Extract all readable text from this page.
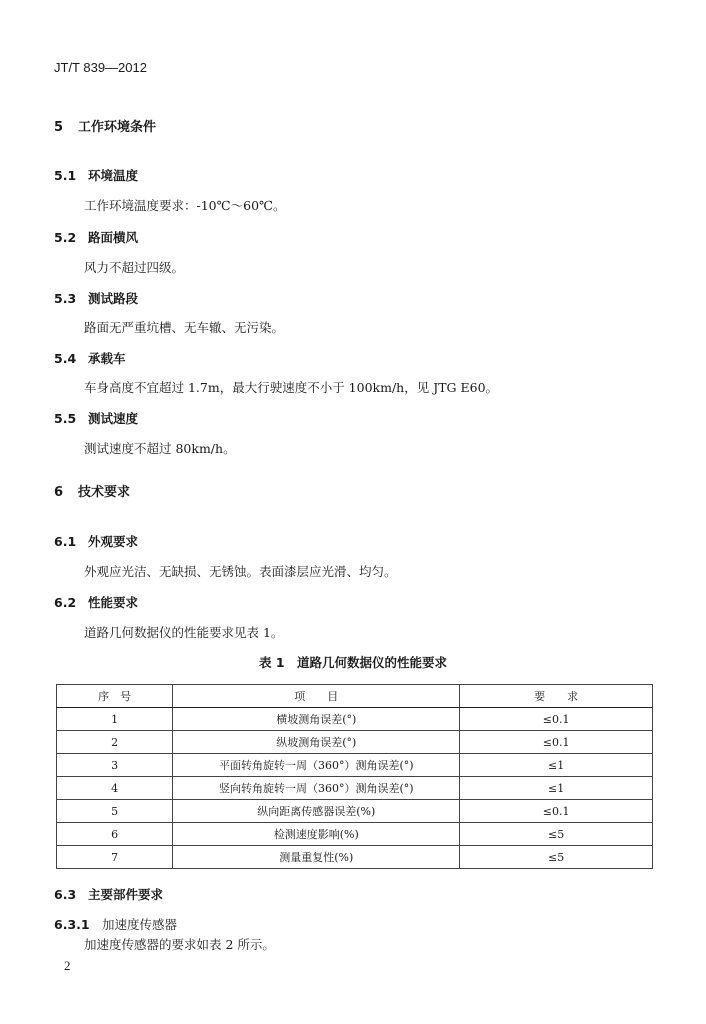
JT/T 839—2012
5 工作环境条件
5.1 环境温度
工作环境温度要求：-10℃～60℃。
5.2 路面横风
风力不超过四级。
5.3 测试路段
路面无严重坑槽、无车辙、无污染。
5.4 承载车
车身高度不宜超过 1.7m，最大行驶速度不小于 100km/h，见 JTG E60。
5.5 测试速度
测试速度不超过 80km/h。
6 技术要求
6.1 外观要求
外观应光洁、无缺损、无锈蚀。表面漆层应光滑、均匀。
6.2 性能要求
道路几何数据仪的性能要求见表 1。
表 1　道路几何数据仪的性能要求
序　号	项　　目	要　　求
1	横坡测角误差(°)	≤0.1
2	纵坡测角误差(°)	≤0.1
3	平面转角旋转一周（360°）测角误差(°)	≤1
4	竖向转角旋转一周（360°）测角误差(°)	≤1
5	纵向距离传感器误差(%)	≤0.1
6	检测速度影响(%)	≤5
7	测量重复性(%)	≤5
6.3 主要部件要求
6.3.1 加速度传感器
加速度传感器的要求如表 2 所示。
2
